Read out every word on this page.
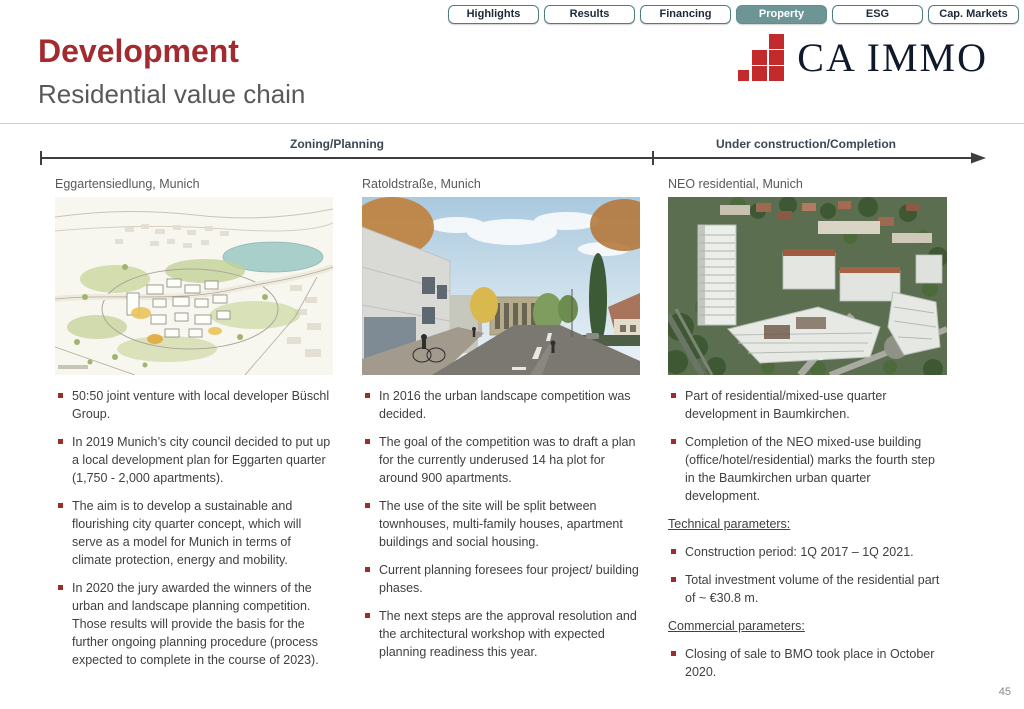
Highlights	Results	Financing	Property	ESG	Cap. Markets
Development
Residential value chain
CA IMMO
Zoning/Planning	Under construction/Completion
Eggartensiedlung, Munich
50:50 joint venture with local developer Büschl Group.
In 2019 Munich’s city council decided to put up a local development plan for Eggarten quarter (1,750 - 2,000 apartments).
The aim is to develop a sustainable and flourishing city quarter concept, which will serve as a model for Munich in terms of climate protection, energy and mobility.
In 2020 the jury awarded the winners of the urban and landscape planning competition. Those results will provide the basis for the further ongoing planning procedure (process expected to complete in the course of 2023).
Ratoldstraße, Munich
In 2016 the urban landscape competition was decided.
The goal of the competition was to draft a plan for the currently underused 14 ha plot for around 900 apartments.
The use of the site will be split between townhouses, multi-family houses, apartment buildings and social housing.
Current planning foresees four project/ building phases.
The next steps are the approval resolution and the architectural workshop with expected planning readiness this year.
NEO residential, Munich
Part of residential/mixed-use quarter development in Baumkirchen.
Completion of the NEO mixed-use building (office/hotel/residential) marks the fourth step in the Baumkirchen urban quarter development.
Technical parameters:
Construction period: 1Q 2017 – 1Q 2021.
Total investment volume of the residential part of ~ €30.8 m.
Commercial parameters:
Closing of sale to BMO took place in October 2020.
45
